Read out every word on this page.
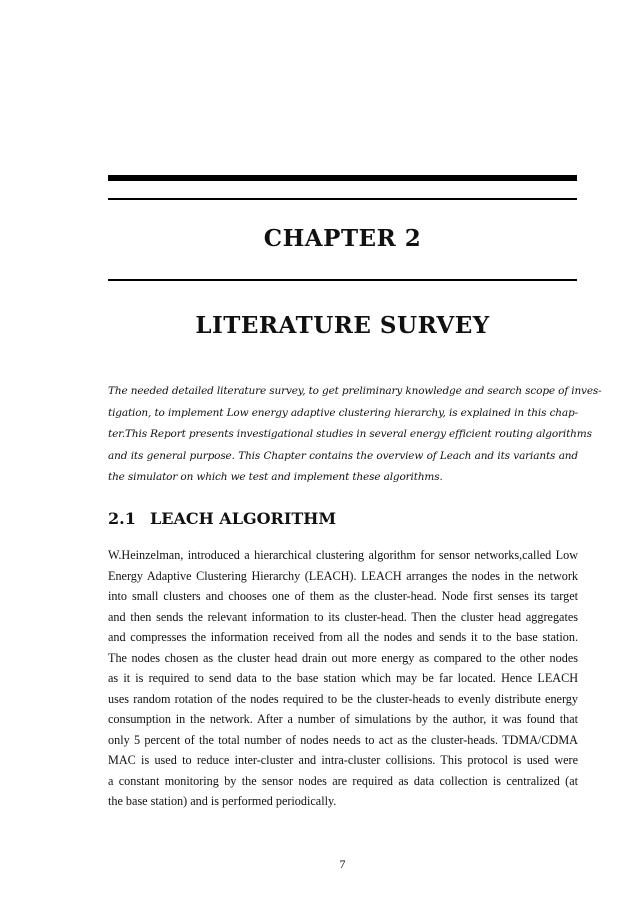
CHAPTER 2
LITERATURE SURVEY
The needed detailed literature survey, to get preliminary knowledge and search scope of inves-
tigation, to implement Low energy adaptive clustering hierarchy, is explained in this chap-
ter.This Report presents investigational studies in several energy efficient routing algorithms
and its general purpose. This Chapter contains the overview of Leach and its variants and
the simulator on which we test and implement these algorithms.
2.1 LEACH ALGORITHM
W.Heinzelman, introduced a hierarchical clustering algorithm for sensor networks,called Low
Energy Adaptive Clustering Hierarchy (LEACH). LEACH arranges the nodes in the network
into small clusters and chooses one of them as the cluster-head. Node first senses its target
and then sends the relevant information to its cluster-head. Then the cluster head aggregates
and compresses the information received from all the nodes and sends it to the base station.
The nodes chosen as the cluster head drain out more energy as compared to the other nodes
as it is required to send data to the base station which may be far located. Hence LEACH
uses random rotation of the nodes required to be the cluster-heads to evenly distribute energy
consumption in the network. After a number of simulations by the author, it was found that
only 5 percent of the total number of nodes needs to act as the cluster-heads. TDMA/CDMA
MAC is used to reduce inter-cluster and intra-cluster collisions. This protocol is used were
a constant monitoring by the sensor nodes are required as data collection is centralized (at
the base station) and is performed periodically.
7
